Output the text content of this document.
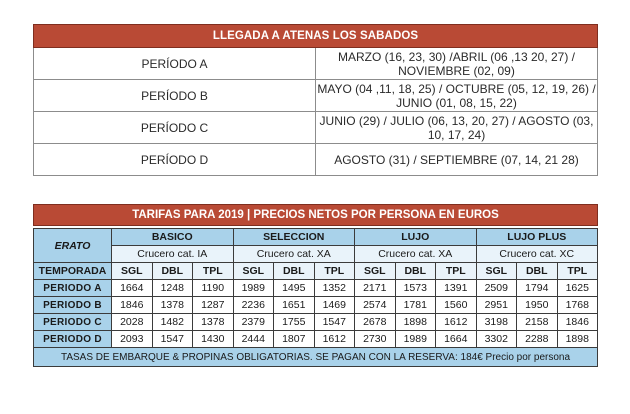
LLEGADA A ATENAS LOS SABADOS	
PERÍODO A	MARZO (16, 23, 30) /ABRIL (06 ,13 20, 27) / NOVIEMBRE (02, 09)
PERÍODO B	MAYO (04 ,11, 18, 25) / OCTUBRE (05, 12, 19, 26) / JUNIO (01, 08, 15, 22)
PERÍODO C	JUNIO (29) / JULIO (06, 13, 20, 27) / AGOSTO (03, 10, 17, 24)
PERÍODO D	AGOSTO (31) / SEPTIEMBRE (07, 14, 21 28)
TARIFAS PARA 2019 | PRECIOS NETOS POR PERSONA EN EUROS
ERATO	BASICO			SELECCION			LUJO			LUJO PLUS		
	Crucero cat. IA			Crucero cat. XA			Crucero cat. XA			Crucero cat. XC		
TEMPORADA	SGL	DBL	TPL	SGL	DBL	TPL	SGL	DBL	TPL	SGL	DBL	TPL
PERIODO A	1664	1248	1190	1989	1495	1352	2171	1573	1391	2509	1794	1625
PERIODO B	1846	1378	1287	2236	1651	1469	2574	1781	1560	2951	1950	1768
PERIODO C	2028	1482	1378	2379	1755	1547	2678	1898	1612	3198	2158	1846
PERIODO D	2093	1547	1430	2444	1807	1612	2730	1989	1664	3302	2288	1898
TASAS DE EMBARQUE & PROPINAS OBLIGATORIAS. SE PAGAN CON LA RESERVA: 184€ Precio por persona												
